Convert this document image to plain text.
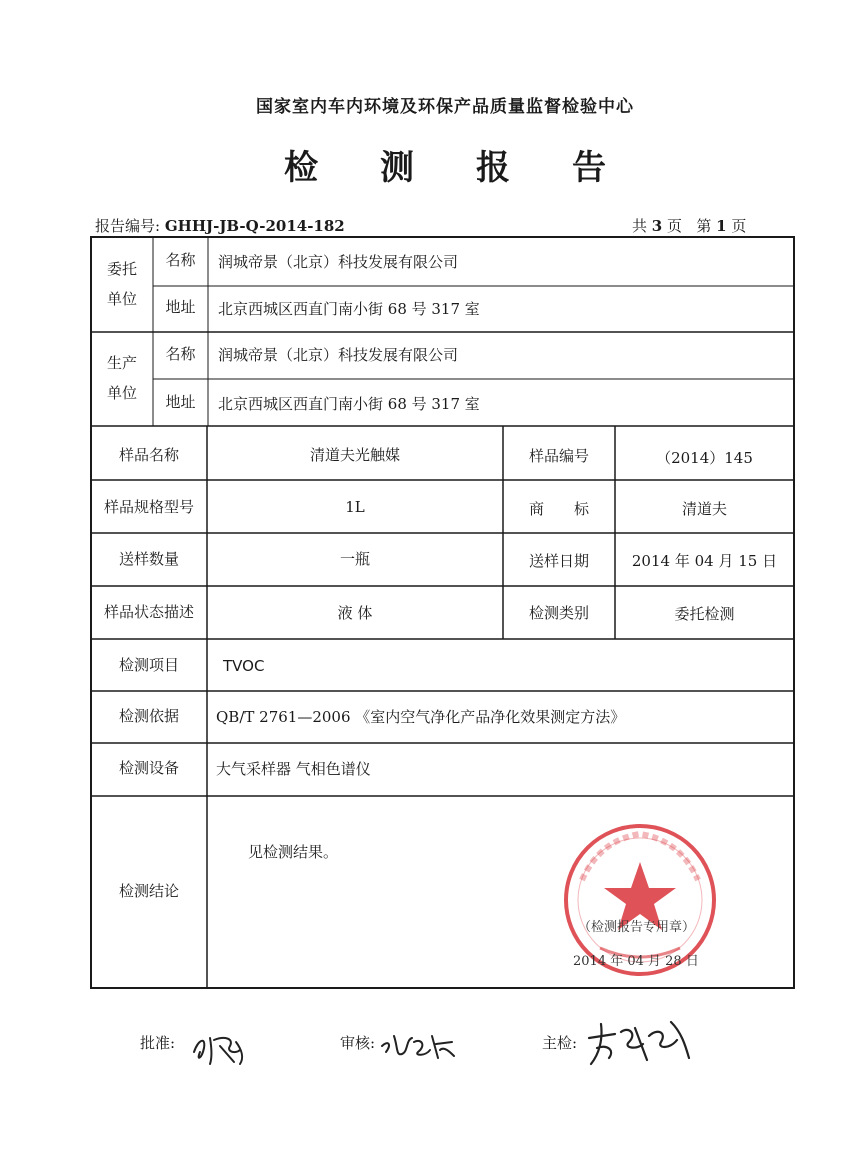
国家室内车内环境及环保产品质量监督检验中心
检 测 报 告
报告编号: GHHJ-JB-Q-2014-182	共 3 页 第 1 页
委托
单位
名称	润城帝景（北京）科技发展有限公司
地址	北京西城区西直门南小街 68 号 317 室
生产
单位
名称	润城帝景（北京）科技发展有限公司
地址	北京西城区西直门南小街 68 号 317 室
样品名称	清道夫光触媒	样品编号	（2014）145
样品规格型号	1L	商　　标	清道夫
送样数量	一瓶	送样日期	2014 年 04 月 15 日
样品状态描述	液 体	检测类别	委托检测
检测项目	TVOC
检测依据	QB/T 2761—2006 《室内空气净化产品净化效果测定方法》
检测设备	大气采样器 气相色谱仪
检测结论
见检测结果。
（检测报告专用章）
2014 年 04 月 28 日
批准:	审核:	主检:
